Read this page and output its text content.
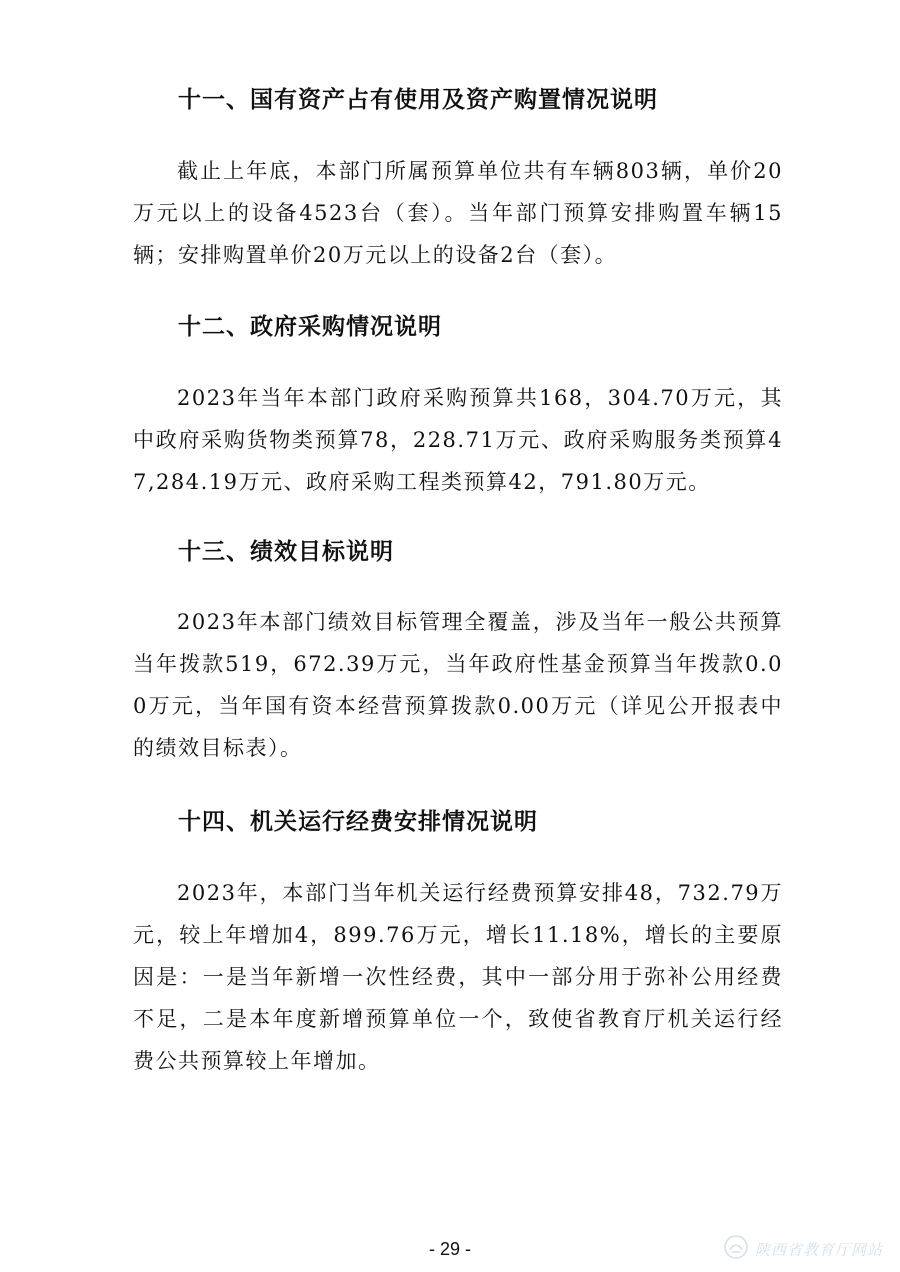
十一、国有资产占有使用及资产购置情况说明

截止上年底，本部门所属预算单位共有车辆803辆，单价20万元以上的设备4523台（套）。当年部门预算安排购置车辆15辆；安排购置单价20万元以上的设备2台（套）。

十二、政府采购情况说明

2023年当年本部门政府采购预算共168，304.70万元，其中政府采购货物类预算78，228.71万元、政府采购服务类预算47,284.19万元、政府采购工程类预算42，791.80万元。

十三、绩效目标说明

2023年本部门绩效目标管理全覆盖，涉及当年一般公共预算当年拨款519，672.39万元，当年政府性基金预算当年拨款0.00万元，当年国有资本经营预算拨款0.00万元（详见公开报表中的绩效目标表）。

十四、机关运行经费安排情况说明

2023年，本部门当年机关运行经费预算安排48，732.79万元，较上年增加4，899.76万元，增长11.18%，增长的主要原因是：一是当年新增一次性经费，其中一部分用于弥补公用经费不足，二是本年度新增预算单位一个，致使省教育厅机关运行经费公共预算较上年增加。

- 29 -	陕西省教育厅网站
